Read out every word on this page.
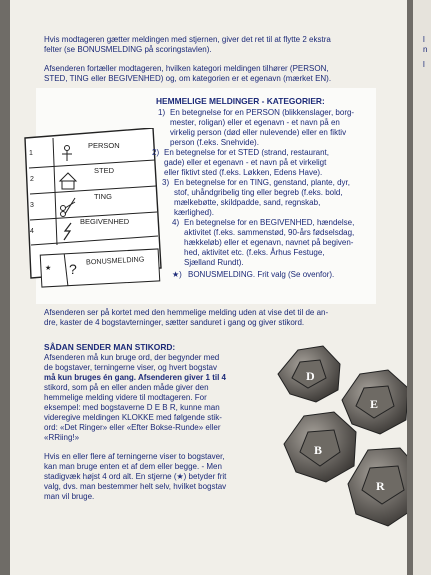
Hvis modtageren gætter meldingen med stjernen, giver det ret til at flytte 2 ekstra

felter (se BONUSMELDING på scoringstavlen).

Afsenderen fortæller modtageren, hvilken kategori meldingen tilhører (PERSON,

STED, TING eller BEGIVENHED) og, om kategorien er et egenavn (mærket EN).

?
1
2
3
4
PERSON
STED
TING
BEGIVENHED
★
BONUSMELDING

HEMMELIGE MELDINGER - KATEGORIER:

1) En betegnelse for en PERSON (blikkenslager, borg-
mester, roligan) eller et egenavn - et navn på en
virkelig person (død eller nulevende) eller en fiktiv
person (f.eks. Snehvide).
2) En betegnelse for et STED (strand, restaurant,
gade) eller et egenavn - et navn på et virkeligt
eller fiktivt sted (f.eks. Løkken, Edens Have).
3) En betegnelse for en TING, genstand, plante, dyr,
stof, uhåndgribelig ting eller begreb (f.eks. bold,
mælkebøtte, skildpadde, sand, regnskab,
kærlighed).
4) En betegnelse for en BEGIVENHED, hændelse,
aktivitet (f.eks. sammenstød, 90-års fødselsdag,
hækkeløb) eller et egenavn, navnet på begiven-
hed, aktivitet etc. (f.eks. Århus Festuge,
Sjælland Rundt).
★) BONUSMELDING. Frit valg (Se ovenfor).

Afsenderen ser på kortet med den hemmelige melding uden at vise det til de an-

dre, kaster de 4 bogstavterninger, sætter sanduret i gang og giver stikord.

SÅDAN SENDER MAN STIKORD:

Afsenderen må kun bruge ord, der begynder med
de bogstaver, terningerne viser, og hvert bogstav
må kun bruges én gang. Afsenderen giver 1 til 4
stikord, som på en eller anden måde giver den
hemmelige melding videre til modtageren. For
eksempel: med bogstaverne D E B R, kunne man
videregive meldingen KLOKKE med følgende stik-
ord: «Det Ringer» eller «Efter Bokse-Runde» eller
«RRiing!»
Hvis en eller flere af terningerne viser to bogstaver,
kan man bruge enten et af dem eller begge. - Men
stadigvæk højst 4 ord alt. En stjerne (★) betyder frit
valg, dvs. man bestemmer helt selv, hvilket bogstav
man vil bruge.
D
E
B
R
l
n
l
